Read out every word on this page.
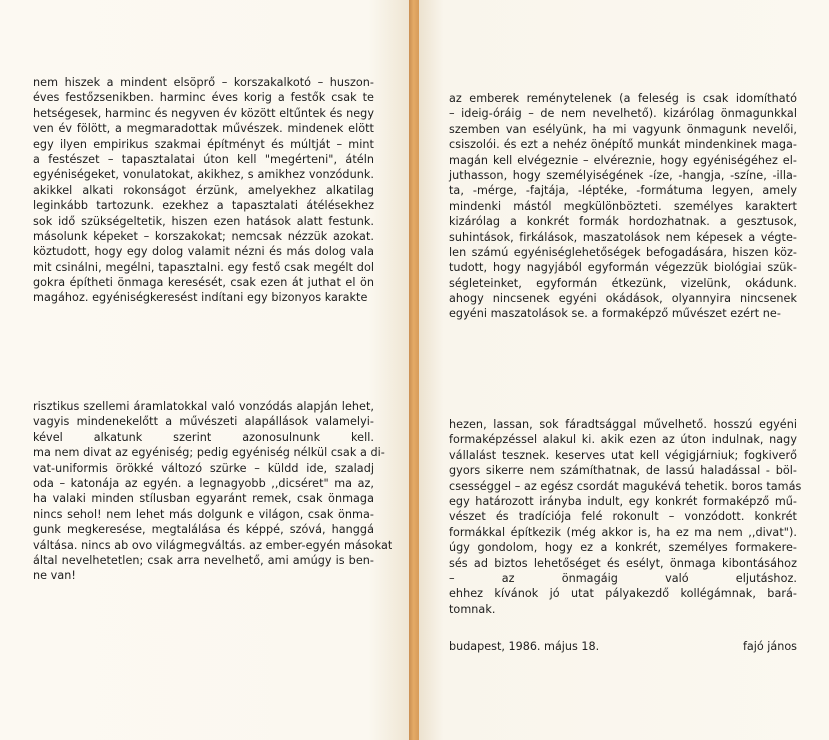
nem hiszek a mindent elsöprő – korszakalkotó – huszon-
éves festőzsenikben. harminc éves korig a festők csak te
hetségesek, harminc és negyven év között eltűntek és negy
ven év fölött, a megmaradottak művészek. mindenek elött
egy ilyen empirikus szakmai építményt és múltját – mint
a festészet – tapasztalatai úton kell "megérteni", átéln
egyéniségeket, vonulatokat, akikhez, s amikhez vonzódunk.
akikkel alkati rokonságot érzünk, amelyekhez alkatilag
leginkább tartozunk. ezekhez a tapasztalati átélésekhez
sok idő szükségeltetik, hiszen ezen hatások alatt festunk.
másolunk képeket – korszakokat; nemcsak nézzük azokat.
köztudott, hogy egy dolog valamit nézni és más dolog vala
mit csinálni, megélni, tapasztalni. egy festő csak megélt dol
gokra építheti önmaga keresését, csak ezen át juthat el ön
magához. egyéniségkeresést indítani egy bizonyos karakte
risztikus szellemi áramlatokkal való vonzódás alapján lehet,
vagyis mindenekelőtt a művészeti alapállások valamelyi-
kével alkatunk szerint azonosulnunk kell.
ma nem divat az egyéniség; pedig egyéniség nélkül csak a di-
vat-uniformis örökké változó szürke – küldd ide, szaladj
oda – katonája az egyén. a legnagyobb ,,dicséret" ma az,
ha valaki minden stílusban egyaránt remek, csak önmaga
nincs sehol! nem lehet más dolgunk e világon, csak önma-
gunk megkeresése, megtalálása és képpé, szóvá, hanggá
váltása. nincs ab ovo világmegváltás. az ember-egyén másokat
által nevelhetetlen; csak arra nevelhető, ami amúgy is ben-
ne van!
az emberek reménytelenek (a feleség is csak idomítható
– ideig-óráig – de nem nevelhető). kizárólag önmagunkkal
szemben van esélyünk, ha mi vagyunk önmagunk nevelői,
csiszolói. és ezt a nehéz önépítő munkát mindenkinek maga-
magán kell elvégeznie – elvéreznie, hogy egyéniségéhez el-
juthasson, hogy személyiségének -íze, -hangja, -színe, -illa-
ta, -mérge, -fajtája, -léptéke, -formátuma legyen, amely
mindenki mástól megkülönbözteti. személyes karaktert
kizárólag a konkrét formák hordozhatnak. a gesztusok,
suhintások, firkálások, maszatolások nem képesek a végte-
len számú egyéniséglehetőségek befogadására, hiszen köz-
tudott, hogy nagyjából egyformán végezzük biológiai szük-
ségleteinket, egyformán étkezünk, vizelünk, okádunk.
ahogy nincsenek egyéni okádások, olyannyira nincsenek
egyéni maszatolások se. a formaképző művészet ezért ne-
hezen, lassan, sok fáradtsággal művelhető. hosszú egyéni
formaképzéssel alakul ki. akik ezen az úton indulnak, nagy
vállalást tesznek. keserves utat kell végigjárniuk; fogkiverő
gyors sikerre nem számíthatnak, de lassú haladással - böl-
csességgel – az egész csordát magukévá tehetik. boros tamás
egy határozott irányba indult, egy konkrét formaképző mű-
vészet és tradíciója felé rokonult – vonzódott. konkrét
formákkal építkezik (még akkor is, ha ez ma nem ,,divat").
úgy gondolom, hogy ez a konkrét, személyes formakere-
sés ad biztos lehetőséget és esélyt, önmaga kibontásához
– az önmagáig való eljutáshoz.
ehhez kívánok jó utat pályakezdő kollégámnak, bará-
tomnak.
budapest, 1986. május 18.	fajó jános
